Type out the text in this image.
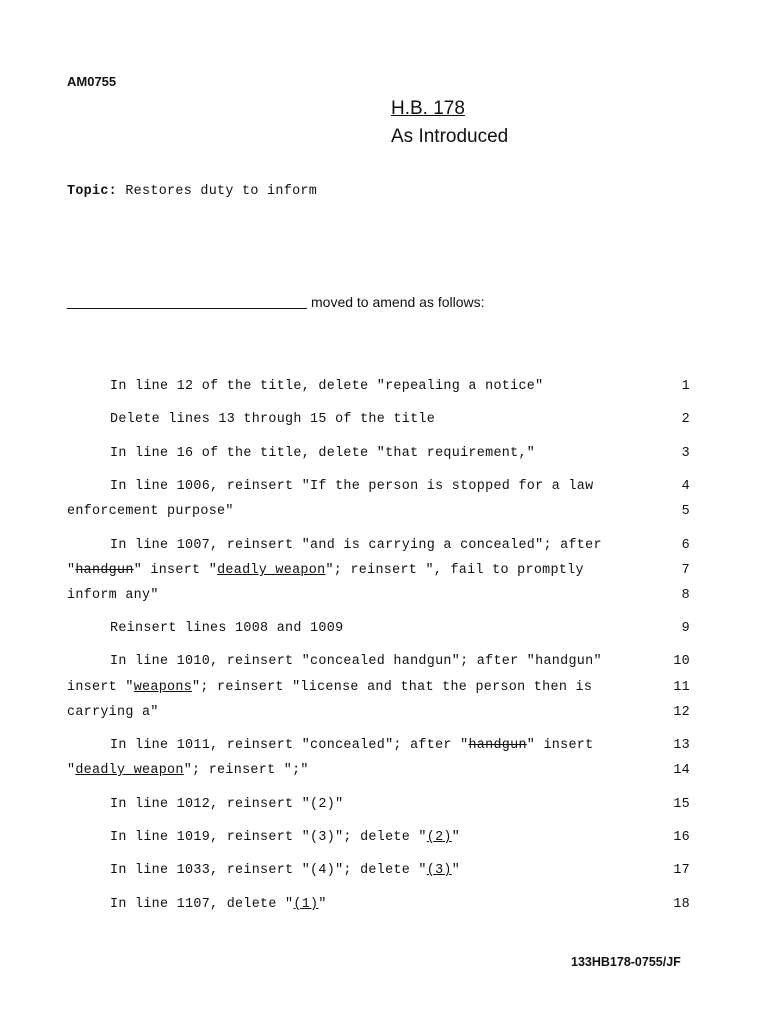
AM0755
H.B. 178
As Introduced
Topic: Restores duty to inform
moved to amend as follows:
In line 12 of the title, delete "repealing a notice"	1
Delete lines 13 through 15 of the title	2
In line 16 of the title, delete "that requirement,"	3
In line 1006, reinsert "If the person is stopped for a law	4
enforcement purpose"	5
In line 1007, reinsert "and is carrying a concealed"; after	6
"handgun" insert "deadly weapon"; reinsert ", fail to promptly	7
inform any"	8
Reinsert lines 1008 and 1009	9
In line 1010, reinsert "concealed handgun"; after "handgun"	10
insert "weapons"; reinsert "license and that the person then is	11
carrying a"	12
In line 1011, reinsert "concealed"; after "handgun" insert	13
"deadly weapon"; reinsert ";"	14
In line 1012, reinsert "(2)"	15
In line 1019, reinsert "(3)"; delete "(2)"	16
In line 1033, reinsert "(4)"; delete "(3)"	17
In line 1107, delete "(1)"	18
133HB178-0755/JF
